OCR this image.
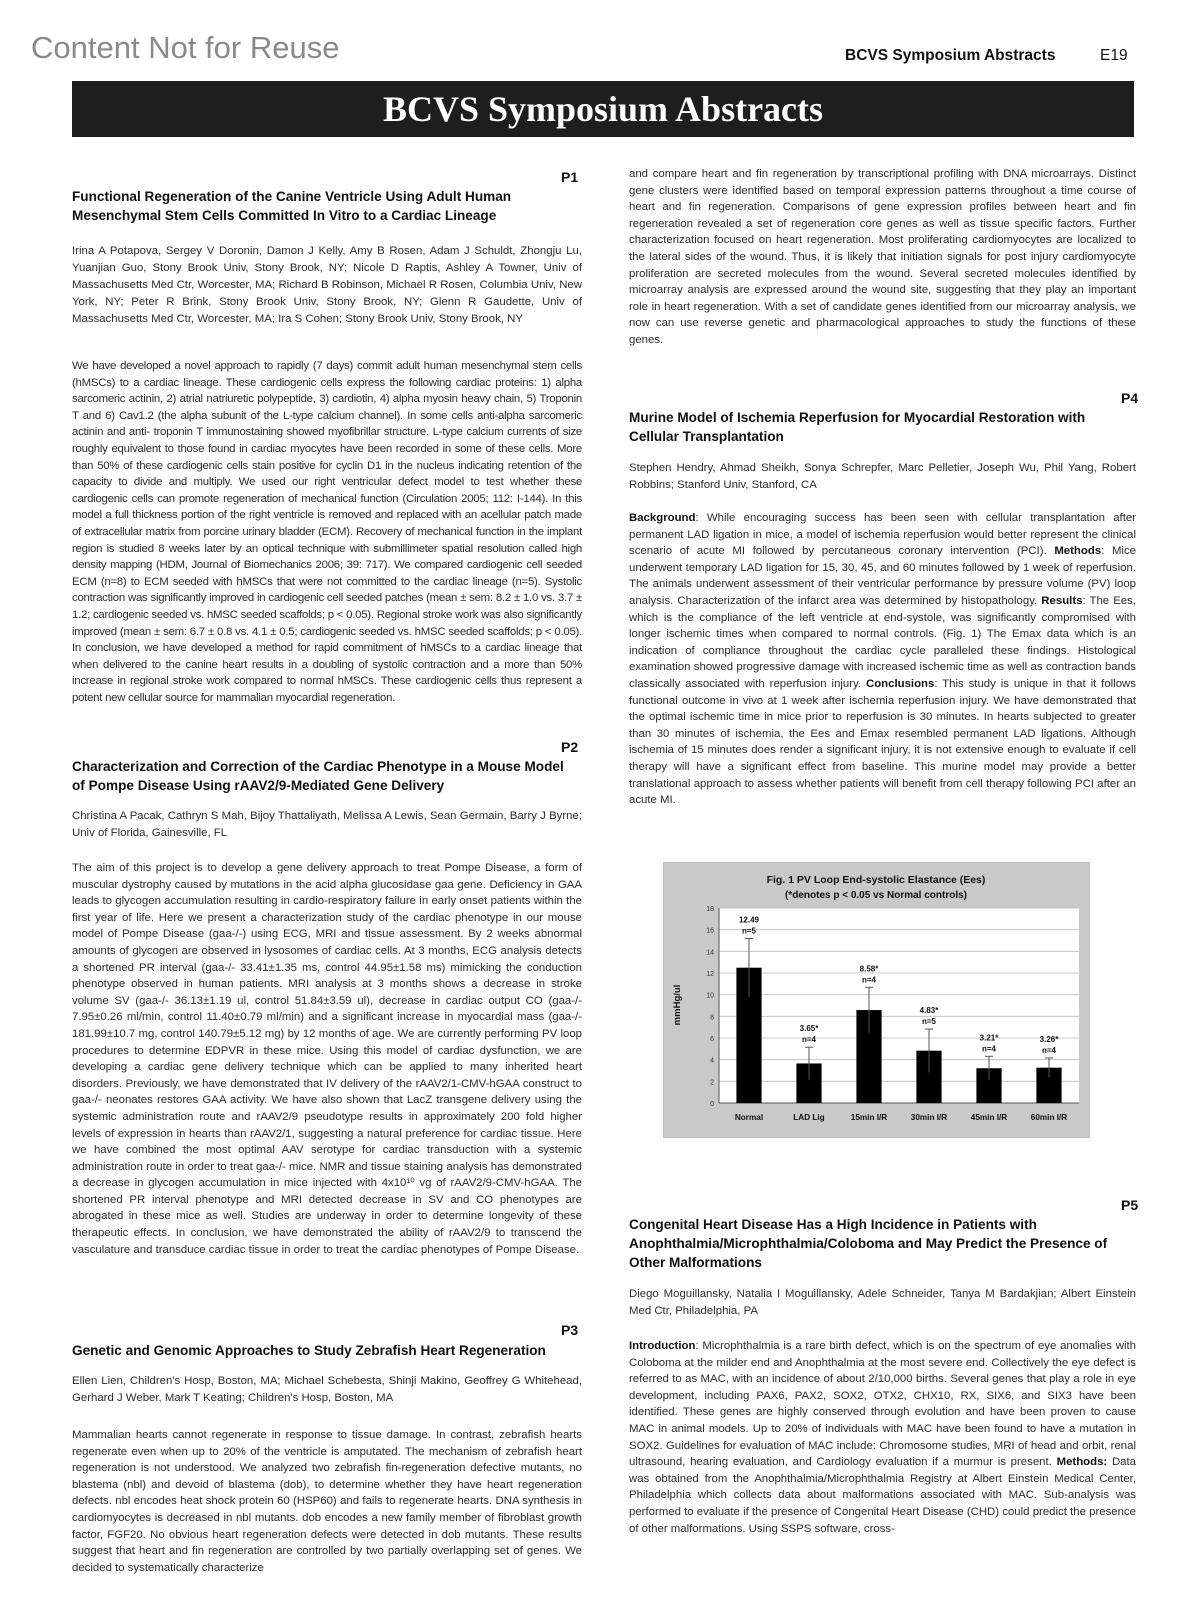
Content Not for Reuse	BCVS Symposium Abstracts	E19
BCVS Symposium Abstracts
P1
Functional Regeneration of the Canine Ventricle Using Adult Human Mesenchymal Stem Cells Committed In Vitro to a Cardiac Lineage

Irina A Potapova, Sergey V Doronin, Damon J Kelly, Amy B Rosen, Adam J Schuldt, Zhongju Lu, Yuanjian Guo, Stony Brook Univ, Stony Brook, NY; Nicole D Raptis, Ashley A Towner, Univ of Massachusetts Med Ctr, Worcester, MA; Richard B Robinson, Michael R Rosen, Columbia Univ, New York, NY; Peter R Brink, Stony Brook Univ, Stony Brook, NY; Glenn R Gaudette, Univ of Massachusetts Med Ctr, Worcester, MA; Ira S Cohen; Stony Brook Univ, Stony Brook, NY

We have developed a novel approach to rapidly (7 days) commit adult human mesenchymal stem cells (hMSCs) to a cardiac lineage. These cardiogenic cells express the following cardiac proteins: 1) alpha sarcomeric actinin, 2) atrial natriuretic polypeptide, 3) cardiotin, 4) alpha myosin heavy chain, 5) Troponin T and 6) Cav1.2 (the alpha subunit of the L-type calcium channel). In some cells anti-alpha sarcomeric actinin and anti- troponin T immunostaining showed myofibrillar structure. L-type calcium currents of size roughly equivalent to those found in cardiac myocytes have been recorded in some of these cells. More than 50% of these cardiogenic cells stain positive for cyclin D1 in the nucleus indicating retention of the capacity to divide and multiply. We used our right ventricular defect model to test whether these cardiogenic cells can promote regeneration of mechanical function (Circulation 2005; 112: I-144). In this model a full thickness portion of the right ventricle is removed and replaced with an acellular patch made of extracellular matrix from porcine urinary bladder (ECM). Recovery of mechanical function in the implant region is studied 8 weeks later by an optical technique with submillimeter spatial resolution called high density mapping (HDM, Journal of Biomechanics 2006; 39: 717). We compared cardiogenic cell seeded ECM (n=8) to ECM seeded with hMSCs that were not committed to the cardiac lineage (n=5). Systolic contraction was significantly improved in cardiogenic cell seeded patches (mean ± sem: 8.2 ± 1.0 vs. 3.7 ± 1.2; cardiogenic seeded vs. hMSC seeded scaffolds; p < 0.05). Regional stroke work was also significantly improved (mean ± sem: 6.7 ± 0.8 vs. 4.1 ± 0.5; cardiogenic seeded vs. hMSC seeded scaffolds; p < 0.05). In conclusion, we have developed a method for rapid commitment of hMSCs to a cardiac lineage that when delivered to the canine heart results in a doubling of systolic contraction and a more than 50% increase in regional stroke work compared to normal hMSCs. These cardiogenic cells thus represent a potent new cellular source for mammalian myocardial regeneration.

P2
Characterization and Correction of the Cardiac Phenotype in a Mouse Model of Pompe Disease Using rAAV2/9-Mediated Gene Delivery

Christina A Pacak, Cathryn S Mah, Bijoy Thattaliyath, Melissa A Lewis, Sean Germain, Barry J Byrne; Univ of Florida, Gainesville, FL

The aim of this project is to develop a gene delivery approach to treat Pompe Disease, a form of muscular dystrophy caused by mutations in the acid alpha glucosidase gaa gene. Deficiency in GAA leads to glycogen accumulation resulting in cardio-respiratory failure in early onset patients within the first year of life. Here we present a characterization study of the cardiac phenotype in our mouse model of Pompe Disease (gaa-/-) using ECG, MRI and tissue assessment. By 2 weeks abnormal amounts of glycogen are observed in lysosomes of cardiac cells. At 3 months, ECG analysis detects a shortened PR interval (gaa-/- 33.41±1.35 ms, control 44.95±1.58 ms) mimicking the conduction phenotype observed in human patients. MRI analysis at 3 months shows a decrease in stroke volume SV (gaa-/- 36.13±1.19 ul, control 51.84±3.59 ul), decrease in cardiac output CO (gaa-/- 7.95±0.26 ml/min, control 11.40±0.79 ml/min) and a significant increase in myocardial mass (gaa-/- 181.99±10.7 mg, control 140.79±5.12 mg) by 12 months of age. We are currently performing PV loop procedures to determine EDPVR in these mice. Using this model of cardiac dysfunction, we are developing a cardiac gene delivery technique which can be applied to many inherited heart disorders. Previously, we have demonstrated that IV delivery of the rAAV2/1-CMV-hGAA construct to gaa-/- neonates restores GAA activity. We have also shown that LacZ transgene delivery using the systemic administration route and rAAV2/9 pseudotype results in approximately 200 fold higher levels of expression in hearts than rAAV2/1, suggesting a natural preference for cardiac tissue. Here we have combined the most optimal AAV serotype for cardiac transduction with a systemic administration route in order to treat gaa-/- mice. NMR and tissue staining analysis has demonstrated a decrease in glycogen accumulation in mice injected with 4x10¹⁰ vg of rAAV2/9-CMV-hGAA. The shortened PR interval phenotype and MRI detected decrease in SV and CO phenotypes are abrogated in these mice as well. Studies are underway in order to determine longevity of these therapeutic effects. In conclusion, we have demonstrated the ability of rAAV2/9 to transcend the vasculature and transduce cardiac tissue in order to treat the cardiac phenotypes of Pompe Disease.

P3
Genetic and Genomic Approaches to Study Zebrafish Heart Regeneration

Ellen Lien, Children's Hosp, Boston, MA; Michael Schebesta, Shinji Makino, Geoffrey G Whitehead, Gerhard J Weber, Mark T Keating; Children's Hosp, Boston, MA

Mammalian hearts cannot regenerate in response to tissue damage. In contrast, zebrafish hearts regenerate even when up to 20% of the ventricle is amputated. The mechanism of zebrafish heart regeneration is not understood. We analyzed two zebrafish fin-regeneration defective mutants, no blastema (nbl) and devoid of blastema (dob), to determine whether they have heart regeneration defects. nbl encodes heat shock protein 60 (HSP60) and fails to regenerate hearts. DNA synthesis in cardiomyocytes is decreased in nbl mutants. dob encodes a new family member of fibroblast growth factor, FGF20. No obvious heart regeneration defects were detected in dob mutants. These results suggest that heart and fin regeneration are controlled by two partially overlapping set of genes. We decided to systematically characterize

and compare heart and fin regeneration by transcriptional profiling with DNA microarrays. Distinct gene clusters were identified based on temporal expression patterns throughout a time course of heart and fin regeneration. Comparisons of gene expression profiles between heart and fin regeneration revealed a set of regeneration core genes as well as tissue specific factors. Further characterization focused on heart regeneration. Most proliferating cardiomyocytes are localized to the lateral sides of the wound. Thus, it is likely that initiation signals for post injury cardiomyocyte proliferation are secreted molecules from the wound. Several secreted molecules identified by microarray analysis are expressed around the wound site, suggesting that they play an important role in heart regeneration. With a set of candidate genes identified from our microarray analysis, we now can use reverse genetic and pharmacological approaches to study the functions of these genes.

P4
Murine Model of Ischemia Reperfusion for Myocardial Restoration with Cellular Transplantation

Stephen Hendry, Ahmad Sheikh, Sonya Schrepfer, Marc Pelletier, Joseph Wu, Phil Yang, Robert Robbins; Stanford Univ, Stanford, CA

Background: While encouraging success has been seen with cellular transplantation after permanent LAD ligation in mice, a model of ischemia reperfusion would better represent the clinical scenario of acute MI followed by percutaneous coronary intervention (PCI). Methods: Mice underwent temporary LAD ligation for 15, 30, 45, and 60 minutes followed by 1 week of reperfusion. The animals underwent assessment of their ventricular performance by pressure volume (PV) loop analysis. Characterization of the infarct area was determined by histopathology. Results: The Ees, which is the compliance of the left ventricle at end-systole, was significantly compromised with longer ischemic times when compared to normal controls. (Fig. 1) The Emax data which is an indication of compliance throughout the cardiac cycle paralleled these findings. Histological examination showed progressive damage with increased ischemic time as well as contraction bands classically associated with reperfusion injury. Conclusions: This study is unique in that it follows functional outcome in vivo at 1 week after ischemia reperfusion injury. We have demonstrated that the optimal ischemic time in mice prior to reperfusion is 30 minutes. In hearts subjected to greater than 30 minutes of ischemia, the Ees and Emax resembled permanent LAD ligations. Although ischemia of 15 minutes does render a significant injury, it is not extensive enough to evaluate if cell therapy will have a significant effect from baseline. This murine model may provide a better translational approach to assess whether patients will benefit from cell therapy following PCI after an acute MI.

Fig. 1 PV Loop End-systolic Elastance (Ees)
(*denotes p < 0.05 vs Normal controls)
0
2
4
6
8
10
12
14
16
18
12.49
n=5
3.65*
n=4
8.58*
n=4
4.83*
n=5
3.21*
n=4
3.26*
n=4
Normal	LAD Lig	15min I/R	30min I/R	45min I/R	60min I/R
mmHg/ul
P5
Congenital Heart Disease Has a High Incidence in Patients with Anophthalmia/Microphthalmia/Coloboma and May Predict the Presence of Other Malformations

Diego Moguillansky, Natalia I Moguillansky, Adele Schneider, Tanya M Bardakjian; Albert Einstein Med Ctr, Philadelphia, PA

Introduction: Microphthalmia is a rare birth defect, which is on the spectrum of eye anomalies with Coloboma at the milder end and Anophthalmia at the most severe end. Collectively the eye defect is referred to as MAC, with an incidence of about 2/10,000 births. Several genes that play a role in eye development, including PAX6, PAX2, SOX2, OTX2, CHX10, RX, SIX6, and SIX3 have been identified. These genes are highly conserved through evolution and have been proven to cause MAC in animal models. Up to 20% of individuals with MAC have been found to have a mutation in SOX2. Guidelines for evaluation of MAC include: Chromosome studies, MRI of head and orbit, renal ultrasound, hearing evaluation, and Cardiology evaluation if a murmur is present. Methods: Data was obtained from the Anophthalmia/Microphthalmia Registry at Albert Einstein Medical Center, Philadelphia which collects data about malformations associated with MAC. Sub-analysis was performed to evaluate if the presence of Congenital Heart Disease (CHD) could predict the presence of other malformations. Using SSPS software, cross-
